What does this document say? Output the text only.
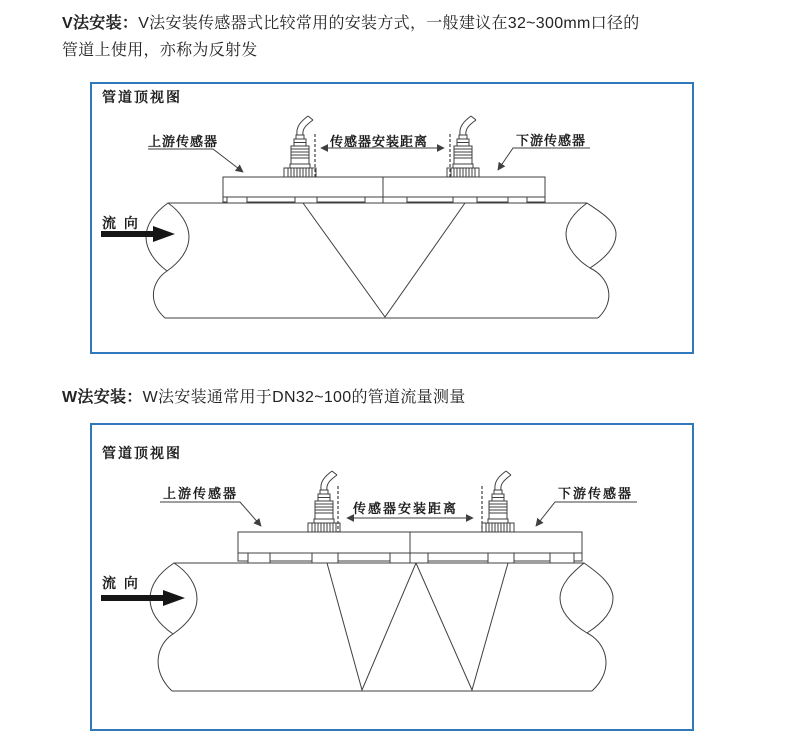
V法安装：V法安装传感器式比较常用的安装方式，一般建议在32~300mm口径的
管道上使用，亦称为反射发
管道顶视图
上游传感器	传感器安装距离	下游传感器
流 向
W法安装：W法安装通常用于DN32~100的管道流量测量
管道顶视图
上游传感器
传感器安装距离
下游传感器
流 向
